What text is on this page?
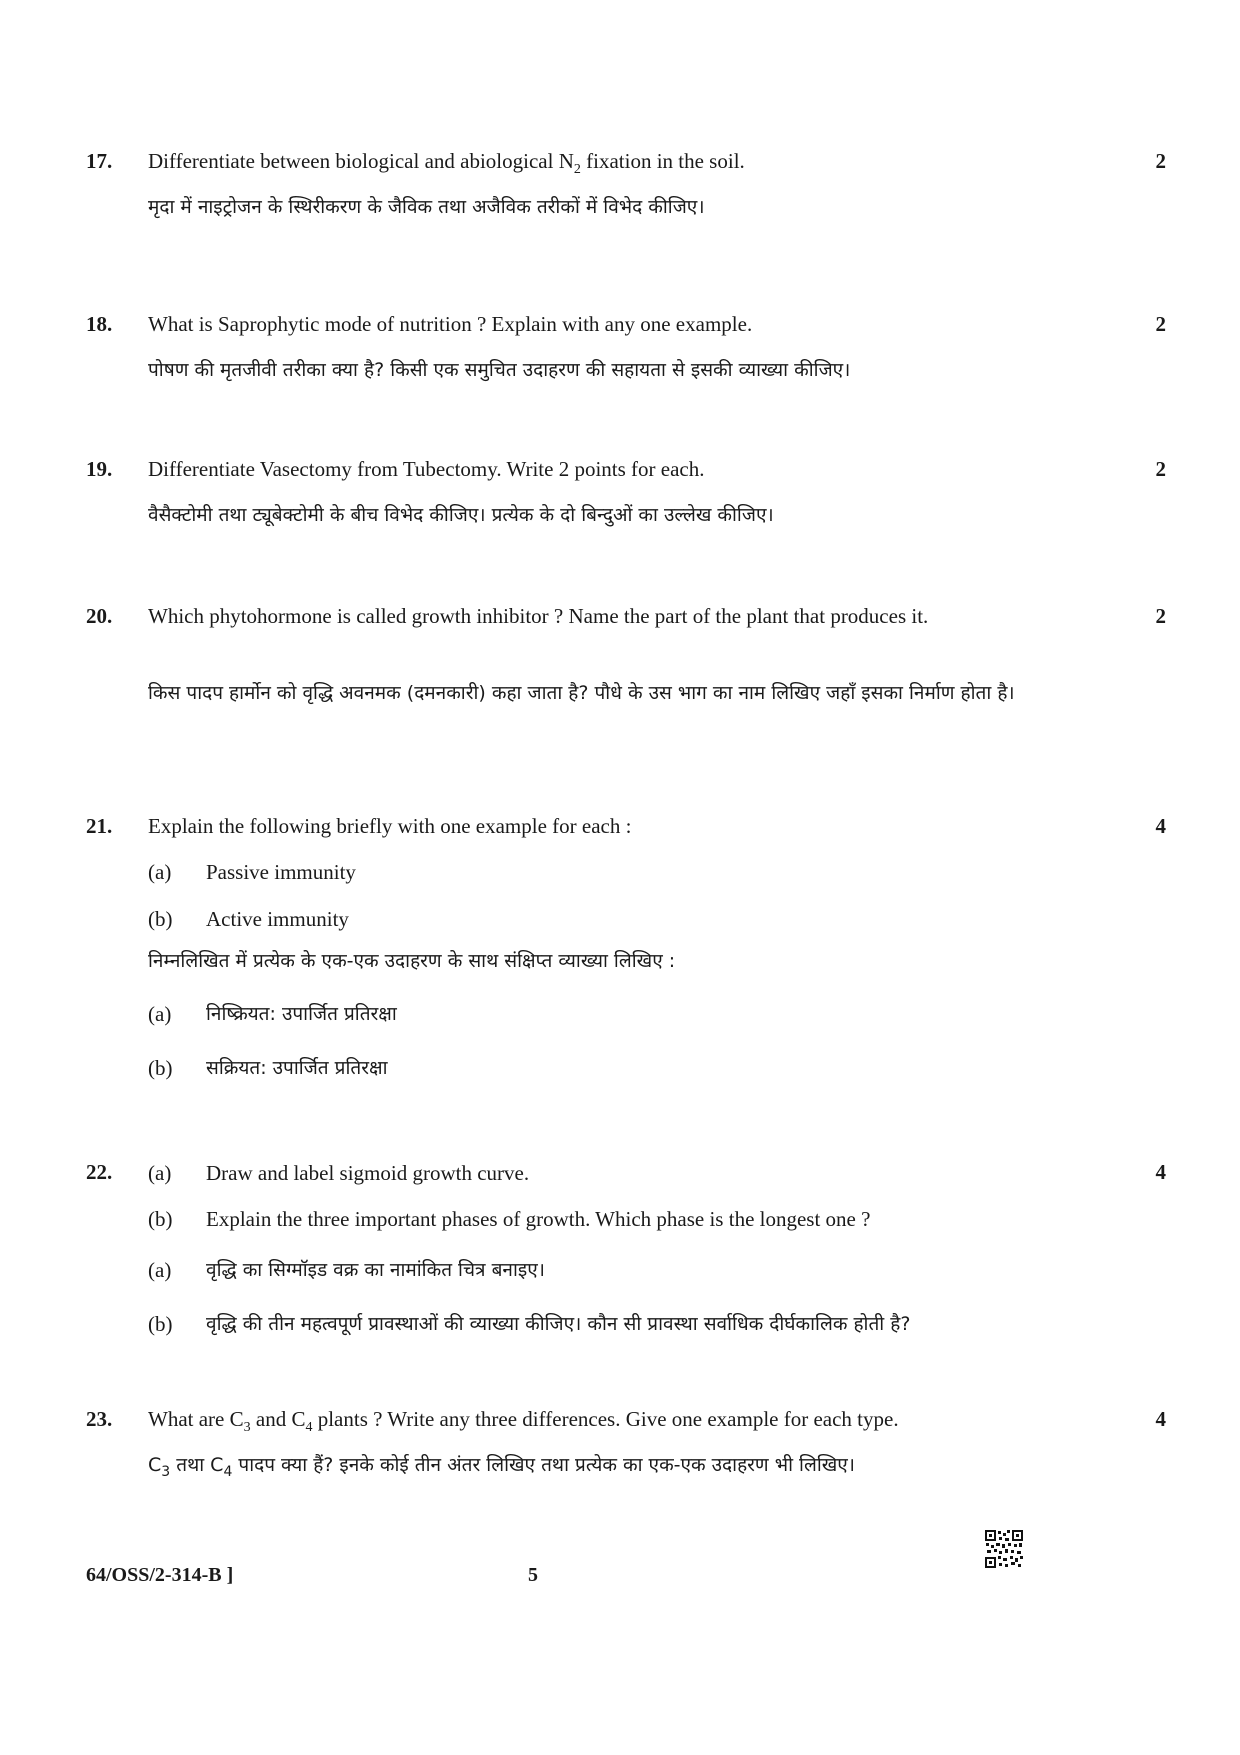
17. Differentiate between biological and abiological $N_2$ fixation in the soil.	2
मृदा में नाइट्रोजन के स्थिरीकरण के जैविक तथा अजैविक तरीकों में विभेद कीजिए।
18. What is Saprophytic mode of nutrition ? Explain with any one example.	2
पोषण की मृतजीवी तरीका क्या है? किसी एक समुचित उदाहरण की सहायता से इसकी व्याख्या कीजिए।
19. Differentiate Vasectomy from Tubectomy. Write 2 points for each.	2
वैसैक्टोमी तथा ट्यूबेक्टोमी के बीच विभेद कीजिए। प्रत्येक के दो बिन्दुओं का उल्लेख कीजिए।
20. Which phytohormone is called growth inhibitor ? Name the part of the plant that produces it.	2
किस पादप हार्मोन को वृद्धि अवनमक (दमनकारी) कहा जाता है? पौधे के उस भाग का नाम लिखिए जहाँ इसका निर्माण होता है।
21. Explain the following briefly with one example for each :	4
(a) Passive immunity
(b) Active immunity
निम्नलिखित में प्रत्येक के एक-एक उदाहरण के साथ संक्षिप्त व्याख्या लिखिए :
(a) निष्क्रियत: उपार्जित प्रतिरक्षा
(b) सक्रियत: उपार्जित प्रतिरक्षा
22.	4
(a) Draw and label sigmoid growth curve.
(b) Explain the three important phases of growth. Which phase is the longest one ?
(a) वृद्धि का सिग्मॉइड वक्र का नामांकित चित्र बनाइए।
(b) वृद्धि की तीन महत्वपूर्ण प्रावस्थाओं की व्याख्या कीजिए। कौन सी प्रावस्था सर्वाधिक दीर्घकालिक होती है?
23. What are $C_3$ and $C_4$ plants ? Write any three differences. Give one example for each type.	4
$C_3$ तथा $C_4$ पादप क्या हैं? इनके कोई तीन अंतर लिखिए तथा प्रत्येक का एक-एक उदाहरण भी लिखिए।
64/OSS/2-314-B ]	5
